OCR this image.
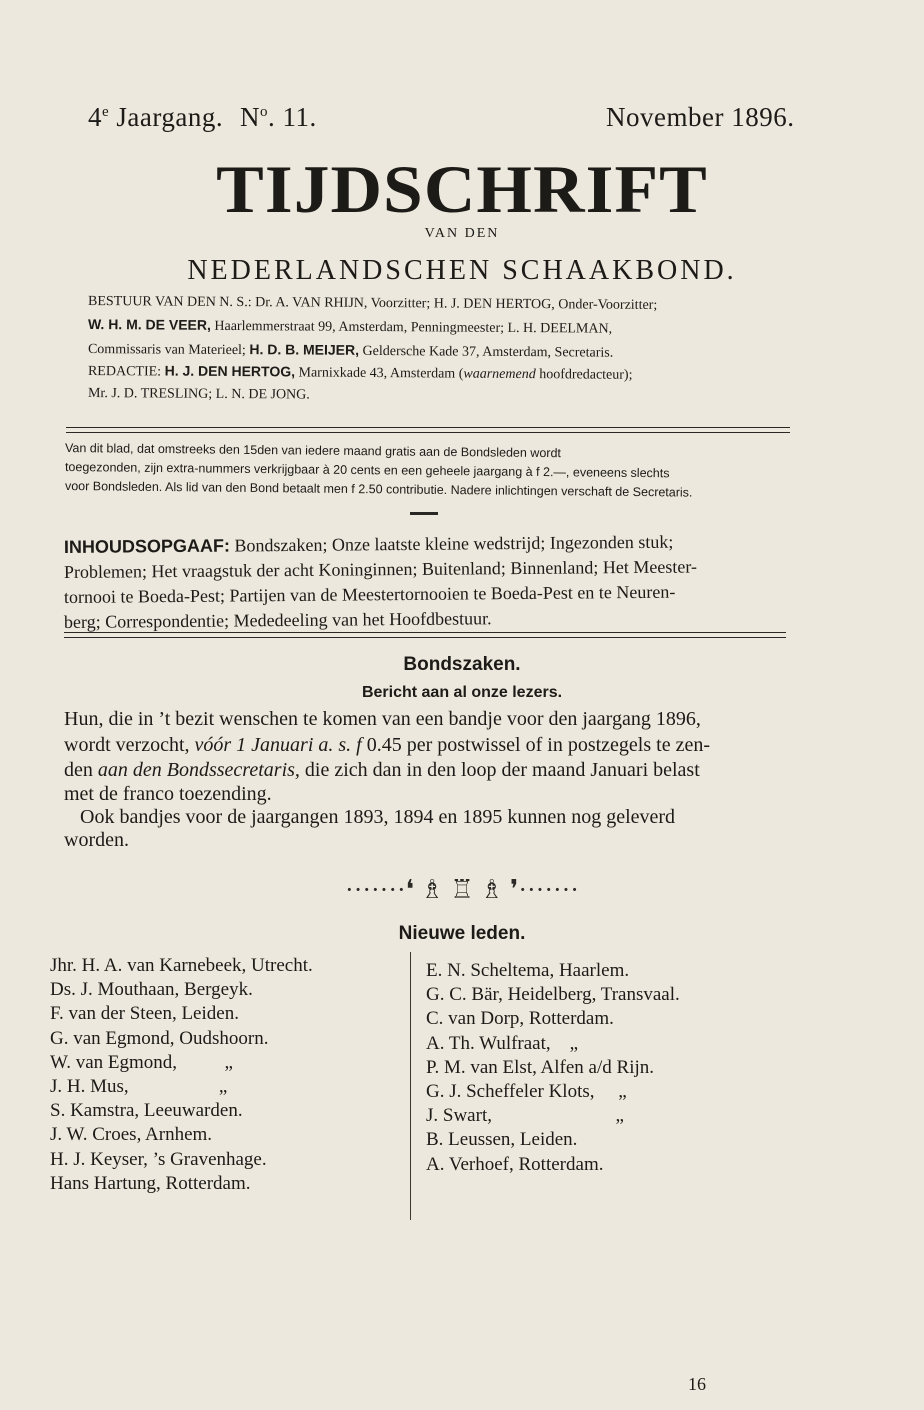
4e Jaargang. $N^o$. 11.	November 1896.
TIJDSCHRIFT
VAN DEN
NEDERLANDSCHEN SCHAAKBOND.
BESTUUR VAN DEN N. S.: Dr. A. VAN RHIJN, Voorzitter; H. J. DEN HERTOG, Onder-Voorzitter;
W. H. M. DE VEER, Haarlemmerstraat 99, Amsterdam, Penningmeester; L. H. DEELMAN,
Commissaris van Materieel; H. D. B. MEIJER, Geldersche Kade 37, Amsterdam, Secretaris.
REDACTIE: H. J. DEN HERTOG, Marnixkade 43, Amsterdam (waarnemend hoofdredacteur);
Mr. J. D. TRESLING; L. N. DE JONG.
Van dit blad, dat omstreeks den 15den van iedere maand gratis aan de Bondsleden wordt
toegezonden, zijn extra-nummers verkrijgbaar à 20 cents en een geheele jaargang à f 2.—, eveneens slechts
voor Bondsleden. Als lid van den Bond betaalt men f 2.50 contributie. Nadere inlichtingen verschaft de Secretaris.
INHOUDSOPGAAF: Bondszaken; Onze laatste kleine wedstrijd; Ingezonden stuk;
Problemen; Het vraagstuk der acht Koninginnen; Buitenland; Binnenland; Het Meester-
tornooi te Boeda-Pest; Partijen van de Meestertornooien te Boeda-Pest en te Neuren-
berg; Correspondentie; Mededeeling van het Hoofdbestuur.
Bondszaken.
Bericht aan al onze lezers.
Hun, die in ’t bezit wenschen te komen van een bandje voor den jaargang 1896,
wordt verzocht, vóór 1 Januari a. s. f 0.45 per postwissel of in postzegels te zen-
den aan den Bondssecretaris, die zich dan in den loop der maand Januari belast
met de franco toezending.
Ook bandjes voor de jaargangen 1893, 1894 en 1895 kunnen nog geleverd
worden.
·······❛ ♗ ♖ ♗ ❜·······
Nieuwe leden.
Jhr. H. A. van Karnebeek, Utrecht.
Ds. J. Mouthaan, Bergeyk.
F. van der Steen, Leiden.
G. van Egmond, Oudshoorn.
W. van Egmond,          „
J. H. Mus,                   „
S. Kamstra, Leeuwarden.
J. W. Croes, Arnhem.
H. J. Keyser, ’s Gravenhage.
Hans Hartung, Rotterdam.
E. N. Scheltema, Haarlem.
G. C. Bär, Heidelberg, Transvaal.
C. van Dorp, Rotterdam.
A. Th. Wulfraat,    „
P. M. van Elst, Alfen a/d Rijn.
G. J. Scheffeler Klots,     „
J. Swart,                          „
B. Leussen, Leiden.
A. Verhoef, Rotterdam.
16
